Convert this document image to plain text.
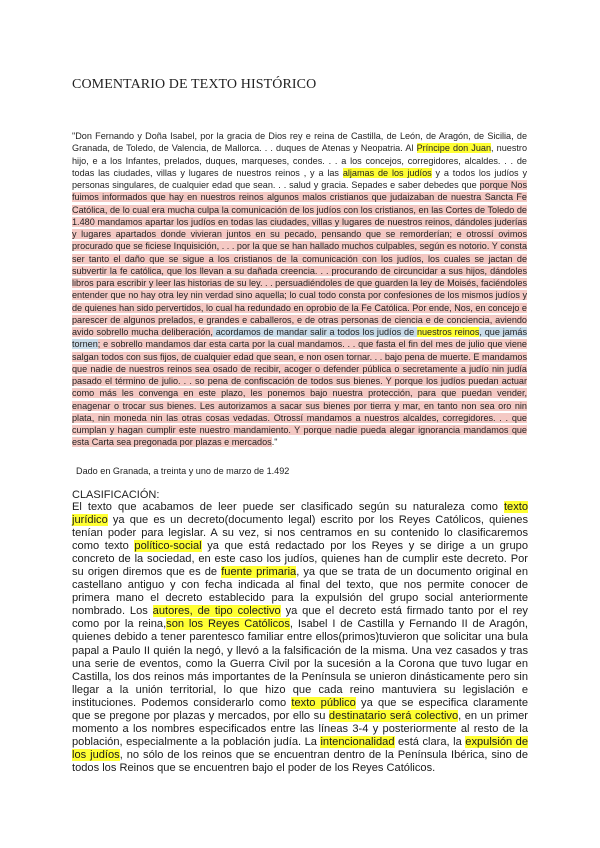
COMENTARIO DE TEXTO HISTÓRICO

"Don Fernando y Doña Isabel, por la gracia de Dios rey e reina de Castilla, de León, de Aragón, de Sicilia, de Granada, de Toledo, de Valencia, de Mallorca. . . duques de Atenas y Neopatria. Al Príncipe don Juan, nuestro hijo, e a los Infantes, prelados, duques, marqueses, condes. . . a los concejos, corregidores, alcaldes. . . de todas las ciudades, villas y lugares de nuestros reinos , y a las aljamas de los judíos y a todos los judíos y personas singulares, de cualquier edad que sean. . . salud y gracia. Sepades e saber debedes que porque Nos fuimos informados que hay en nuestros reinos algunos malos cristianos que judaizaban de nuestra Sancta Fe Católica, de lo cual era mucha culpa la comunicación de los judíos con los cristianos, en las Cortes de Toledo de 1.480 mandamos apartar los judíos en todas las ciudades, villas y lugares de nuestros reinos, dándoles juderías y lugares apartados donde vivieran juntos en su pecado, pensando que se remorderían; e otrossí ovimos procurado que se ficiese Inquisición, . . . por la que se han hallado muchos culpables, según es notorio. Y consta ser tanto el daño que se sigue a los cristianos de la comunicación con los judíos, los cuales se jactan de subvertir la fe católica, que los llevan a su dañada creencia. . . procurando de circuncidar a sus hijos, dándoles libros para escribir y leer las historias de su ley. . . persuadiéndoles de que guarden la ley de Moisés, faciéndoles entender que no hay otra ley nin verdad sino aquella; lo cual todo consta por confesiones de los mismos judíos y de quienes han sido pervertidos, lo cual ha redundado en oprobio de la Fe Católica. Por ende, Nos, en concejo e parescer de algunos prelados, e grandes e caballeros, e de otras personas de ciencia e de conciencia, aviendo avido sobrello mucha deliberación, acordamos de mandar salir a todos los judíos de nuestros reinos, que jamás tornen; e sobrello mandamos dar esta carta por la cual mandamos. . . que fasta el fin del mes de julio que viene salgan todos con sus fijos, de cualquier edad que sean, e non osen tornar. . . bajo pena de muerte. E mandamos que nadie de nuestros reinos sea osado de recibir, acoger o defender pública o secretamente a judío nin judía pasado el término de julio. . . so pena de confiscación de todos sus bienes. Y porque los judíos puedan actuar como más les convenga en este plazo, les ponemos bajo nuestra protección, para que puedan vender, enagenar o trocar sus bienes. Les autorizamos a sacar sus bienes por tierra y mar, en tanto non sea oro nin plata, nin moneda nin las otras cosas vedadas. Otrossí mandamos a nuestros alcaldes, corregidores. . . que cumplan y hagan cumplir este nuestro mandamiento. Y porque nadie pueda alegar ignorancia mandamos que esta Carta sea pregonada por plazas e mercados."

Dado en Granada, a treinta y uno de marzo de 1.492
CLASIFICACIÓN:

El texto que acabamos de leer puede ser clasificado según su naturaleza como texto jurídico ya que es un decreto(documento legal) escrito por los Reyes Católicos, quienes tenían poder para legislar. A su vez, si nos centramos en su contenido lo clasificaremos como texto político-social ya que está redactado por los Reyes y se dirige a un grupo concreto de la sociedad, en este caso los judíos, quienes han de cumplir este decreto. Por su origen diremos que es de fuente primaria, ya que se trata de un documento original en castellano antiguo y con fecha indicada al final del texto, que nos permite conocer de primera mano el decreto establecido para la expulsión del grupo social anteriormente nombrado. Los autores, de tipo colectivo ya que el decreto está firmado tanto por el rey como por la reina,son los Reyes Católicos, Isabel I de Castilla y Fernando II de Aragón, quienes debido a tener parentesco familiar entre ellos(primos)tuvieron que solicitar una bula papal a Paulo II quién la negó, y llevó a la falsificación de la misma. Una vez casados y tras una serie de eventos, como la Guerra Civil por la sucesión a la Corona que tuvo lugar en Castilla, los dos reinos más importantes de la Península se unieron dinásticamente pero sin llegar a la unión territorial, lo que hizo que cada reino mantuviera su legislación e instituciones. Podemos considerarlo como texto público ya que se especifica claramente que se pregone por plazas y mercados, por ello su destinatario será colectivo, en un primer momento a los nombres especificados entre las líneas 3-4 y posteriormente al resto de la población, especialmente a la población judía. La intencionalidad está clara, la expulsión de los judíos, no sólo de los reinos que se encuentran dentro de la Península Ibérica, sino de todos los Reinos que se encuentren bajo el poder de los Reyes Católicos.
